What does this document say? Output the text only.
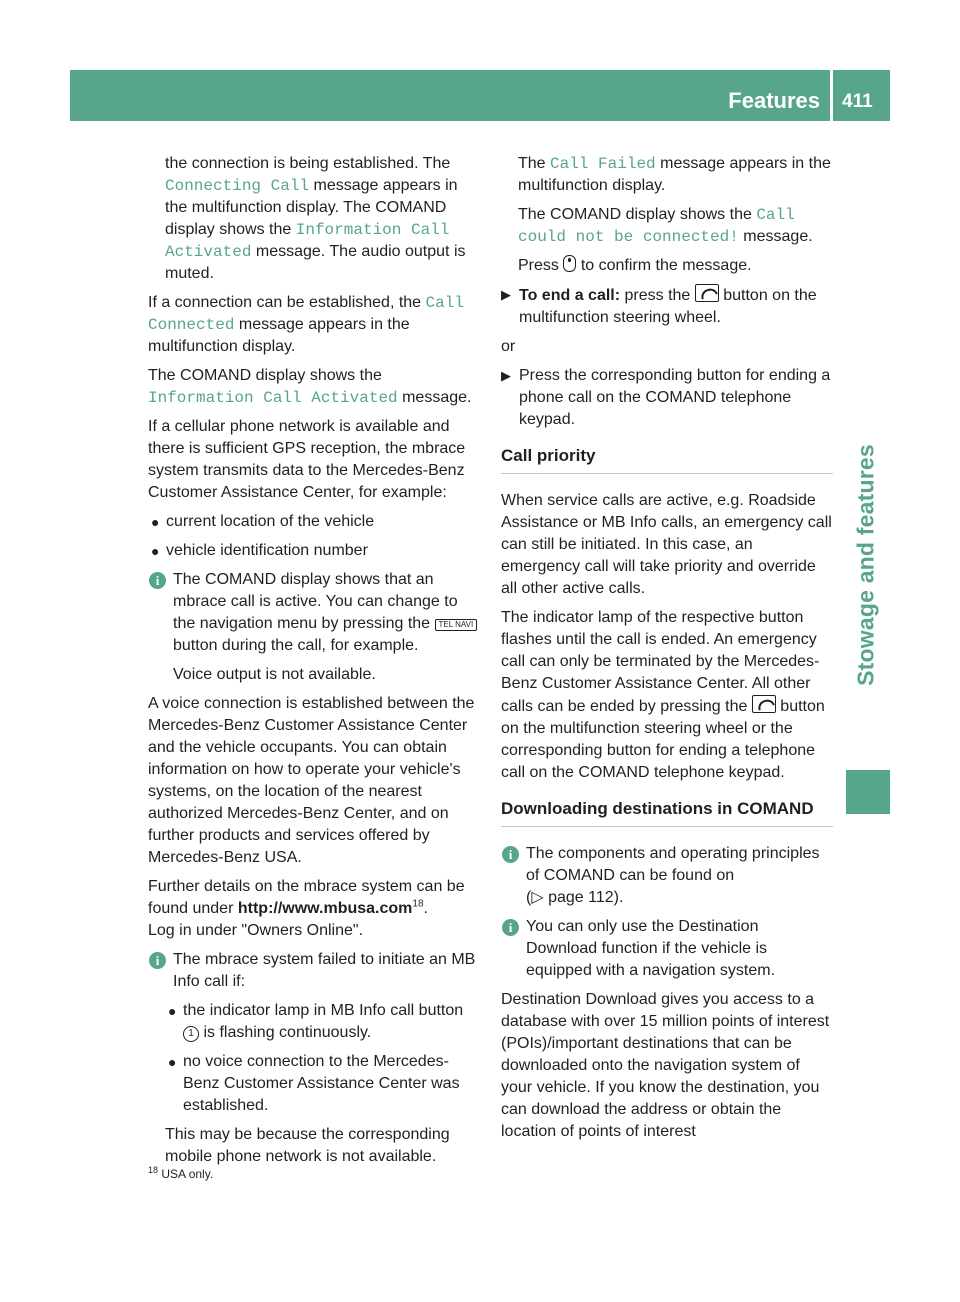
Features 411
Stowage and features

the connection is being established. The Connecting Call message appears in the multifunction display. The COMAND display shows the Information Call Activated message. The audio output is muted.

If a connection can be established, the Call Connected message appears in the multifunction display.

The COMAND display shows the Information Call Activated message.

If a cellular phone network is available and there is sufficient GPS reception, the mbrace system transmits data to the Mercedes-Benz Customer Assistance Center, for example:

● current location of the vehicle
● vehicle identification number
i The COMAND display shows that an mbrace call is active. You can change to the navigation menu by pressing the TEL NAVI button during the call, for example.

Voice output is not available.

A voice connection is established between the Mercedes-Benz Customer Assistance Center and the vehicle occupants. You can obtain information on how to operate your vehicle's systems, on the location of the nearest authorized Mercedes-Benz Center, and on further products and services offered by Mercedes-Benz USA.

Further details on the mbrace system can be found under http://www.mbusa.com$^{18}$.

Log in under "Owners Online".

i The mbrace system failed to initiate an MB Info call if:
● the indicator lamp in MB Info call button 1 is flashing continuously.
● no voice connection to the Mercedes-Benz Customer Assistance Center was established.

This may be because the corresponding mobile phone network is not available.

The Call Failed message appears in the multifunction display.

The COMAND display shows the Call could not be connected! message.

Press to confirm the message.

▶ To end a call: press the button on the multifunction steering wheel.

or

▶ Press the corresponding button for ending a phone call on the COMAND telephone keypad.
Call priority

When service calls are active, e.g. Roadside Assistance or MB Info calls, an emergency call can still be initiated. In this case, an emergency call will take priority and override all other active calls.

The indicator lamp of the respective button flashes until the call is ended. An emergency call can only be terminated by the Mercedes-Benz Customer Assistance Center. All other calls can be ended by pressing the button on the multifunction steering wheel or the corresponding button for ending a telephone call on the COMAND telephone keypad.

Downloading destinations in COMAND
i The components and operating principles of COMAND can be found on
(▷ page 112).
i You can only use the Destination Download function if the vehicle is equipped with a navigation system.

Destination Download gives you access to a database with over 15 million points of interest (POIs)/important destinations that can be downloaded onto the navigation system of your vehicle. If you know the destination, you can download the address or obtain the location of points of interest

$^{18}$ USA only.
